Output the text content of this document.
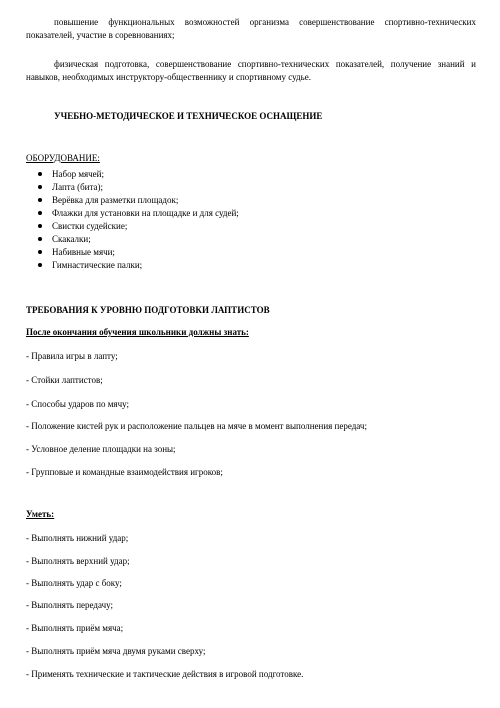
повышение функциональных возможностей организма совершенствование спортивно-технических показателей, участие в соревнованиях;

физическая подготовка, совершенствование спортивно-технических показателей, получение знаний и навыков, необходимых инструктору-общественнику и спортивному судье.

УЧЕБНО-МЕТОДИЧЕСКОЕ И ТЕХНИЧЕСКОЕ ОСНАЩЕНИЕ

ОБОРУДОВАНИЕ:

Набор мячей;
Лапта (бита);
Верёвка для разметки площадок;
Флажки для установки на площадке и для судей;
Свистки судейские;
Скакалки;
Набивные мячи;
Гимнастические палки;

ТРЕБОВАНИЯ К УРОВНЮ ПОДГОТОВКИ ЛАПТИСТОВ

После окончания обучения школьники должны знать:

- Правила игры в лапту;

- Стойки лаптистов;

- Способы ударов по мячу;

- Положение кистей рук и расположение пальцев на мяче в момент выполнения передач;

- Условное деление площадки на зоны;

- Групповые и командные взаимодействия игроков;

Уметь:

- Выполнять нижний удар;

- Выполнять верхний удар;

- Выполнять удар с боку;

- Выполнять передачу;

- Выполнять приём мяча;

- Выполнять приём мяча двумя руками сверху;

- Применять технические и тактические действия в игровой подготовке.
